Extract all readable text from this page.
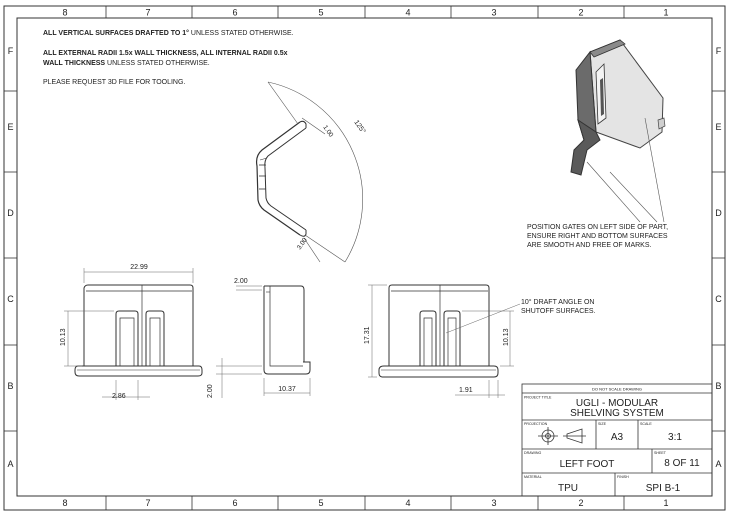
8	7	6	5	4	3	2	1
8	7	6	5	4	3	2	1
F
E
D
C
B
A
F
E
D
C
B
A
125°
1.00
3.00
22.99
10.13
2.86
2.00
2.00	10.37
17.31	10.13
1.91	DO NOT SCALE DRAWING
PROJECT TITLE
UGLI - MODULAR
SHELVING SYSTEM
PROJECTION	SIZE
A3
SCALE
3:1
DRAWING
LEFT FOOT
SHEET
8 OF 11
MATERIAL
TPU
FINISH
SPI B-1
ALL VERTICAL SURFACES DRAFTED TO 1° UNLESS STATED OTHERWISE.
ALL EXTERNAL RADII 1.5x WALL THICKNESS, ALL INTERNAL RADII 0.5x
WALL THICKNESS UNLESS STATED OTHERWISE.
PLEASE REQUEST 3D FILE FOR TOOLING.
POSITION GATES ON LEFT SIDE OF PART,
ENSURE RIGHT AND BOTTOM SURFACES
ARE SMOOTH AND FREE OF MARKS.
10° DRAFT ANGLE ON
SHUTOFF SURFACES.
